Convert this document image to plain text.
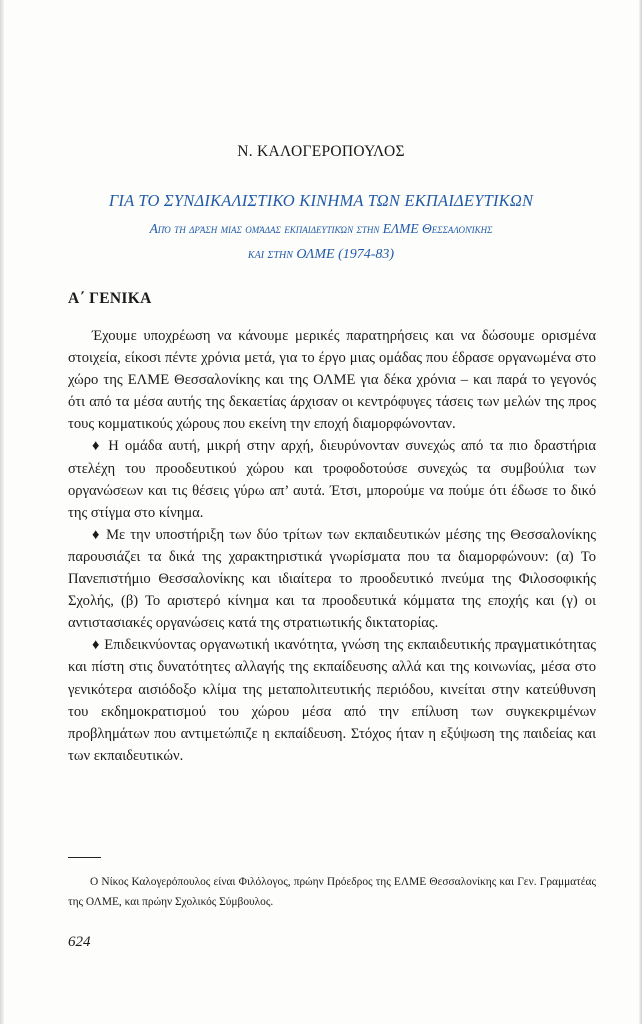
Ν. ΚΑΛΟΓΕΡΟΠΟΥΛΟΣ
ΓΙΑ ΤΟ ΣΥΝΔΙΚΑΛΙΣΤΙΚΟ ΚΙΝΗΜΑ ΤΩΝ ΕΚΠΑΙΔΕΥΤΙΚΩΝ
Από τη δράση μιας ομάδας εκπαιδευτικών στην ΕΛΜΕ Θεσσαλονίκης
και στην ΟΛΜΕ (1974-83)
Α΄ ΓΕΝΙΚΑ

Έχουμε υποχρέωση να κάνουμε μερικές παρατηρήσεις και να δώσουμε ορισμένα στοιχεία, είκοσι πέντε χρόνια μετά, για το έργο μιας ομάδας που έδρασε οργανωμένα στο χώρο της ΕΛΜΕ Θεσσαλονίκης και της ΟΛΜΕ για δέκα χρόνια – και παρά το γεγονός ότι από τα μέσα αυτής της δεκαετίας άρχισαν οι κεντρόφυγες τάσεις των μελών της προς τους κομματικούς χώρους που εκείνη την εποχή διαμορφώνονταν.

♦ Η ομάδα αυτή, μικρή στην αρχή, διευρύνονταν συνεχώς από τα πιο δραστήρια στελέχη του προοδευτικού χώρου και τροφοδοτούσε συνεχώς τα συμβούλια των οργανώσεων και τις θέσεις γύρω απ’ αυτά. Έτσι, μπορούμε να πούμε ότι έδωσε το δικό της στίγμα στο κίνημα.

♦ Με την υποστήριξη των δύο τρίτων των εκπαιδευτικών μέσης της Θεσσαλονίκης παρουσιάζει τα δικά της χαρακτηριστικά γνωρίσματα που τα διαμορφώνουν: (α) Το Πανεπιστήμιο Θεσσαλονίκης και ιδιαίτερα το προοδευτικό πνεύμα της Φιλοσοφικής Σχολής, (β) Το αριστερό κίνημα και τα προοδευτικά κόμματα της εποχής και (γ) οι αντιστασιακές οργανώσεις κατά της στρατιωτικής δικτατορίας.

♦ Επιδεικνύοντας οργανωτική ικανότητα, γνώση της εκπαιδευτικής πραγματικότητας και πίστη στις δυνατότητες αλλαγής της εκπαίδευσης αλλά και της κοινωνίας, μέσα στο γενικότερα αισιόδοξο κλίμα της μεταπολιτευτικής περιόδου, κινείται στην κατεύθυνση του εκδημοκρατισμού του χώρου μέσα από την επίλυση των συγκεκριμένων προβλημάτων που αντιμετώπιζε η εκπαίδευση. Στόχος ήταν η εξύψωση της παιδείας και των εκπαιδευτικών.

Ο Νίκος Καλογερόπουλος είναι Φιλόλογος, πρώην Πρόεδρος της ΕΛΜΕ Θεσσαλονίκης και Γεν. Γραμματέας της ΟΛΜΕ, και πρώην Σχολικός Σύμβουλος.

624
